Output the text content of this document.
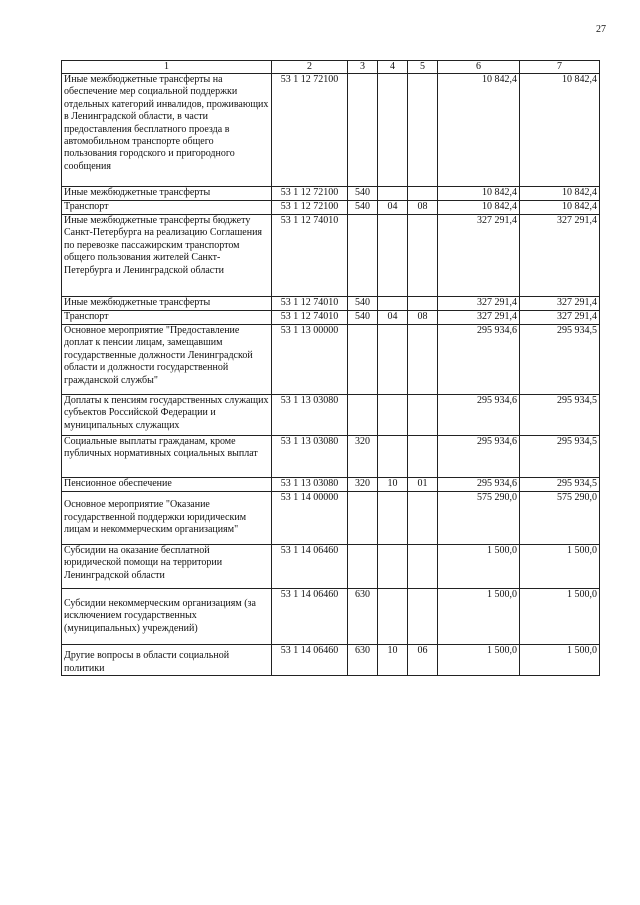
27
1	2	3	4	5	6	7
Иные межбюджетные трансферты на обеспечение мер социальной поддержки отдельных категорий инвалидов, проживающих в Ленинградской области, в части предоставления бесплатного проезда в автомобильном транспорте общего пользования городского и пригородного сообщения	53 1 12 72100				10 842,4	10 842,4
Иные межбюджетные трансферты	53 1 12 72100	540			10 842,4	10 842,4
Транспорт	53 1 12 72100	540	04	08	10 842,4	10 842,4
Иные межбюджетные трансферты бюджету Санкт-Петербурга на реализацию Соглашения по перевозке пассажирским транспортом общего пользования жителей Санкт-Петербурга и Ленинградской области	53 1 12 74010				327 291,4	327 291,4
Иные межбюджетные трансферты	53 1 12 74010	540			327 291,4	327 291,4
Транспорт	53 1 12 74010	540	04	08	327 291,4	327 291,4
Основное мероприятие "Предоставление доплат к пенсии лицам, замещавшим государственные должности Ленинградской области и должности государственной гражданской службы"	53 1 13 00000				295 934,6	295 934,5
Доплаты к пенсиям государственных служащих субъектов Российской Федерации и муниципальных служащих	53 1 13 03080				295 934,6	295 934,5
Социальные выплаты гражданам, кроме публичных нормативных социальных выплат	53 1 13 03080	320			295 934,6	295 934,5
Пенсионное обеспечение	53 1 13 03080	320	10	01	295 934,6	295 934,5
Основное мероприятие "Оказание государственной поддержки юридическим лицам и некоммерческим организациям"	53 1 14 00000				575 290,0	575 290,0
Субсидии на оказание бесплатной юридической помощи на территории Ленинградской области	53 1 14 06460				1 500,0	1 500,0
Субсидии некоммерческим организациям (за исключением государственных (муниципальных) учреждений)	53 1 14 06460	630			1 500,0	1 500,0
Другие вопросы в области социальной политики	53 1 14 06460	630	10	06	1 500,0	1 500,0
